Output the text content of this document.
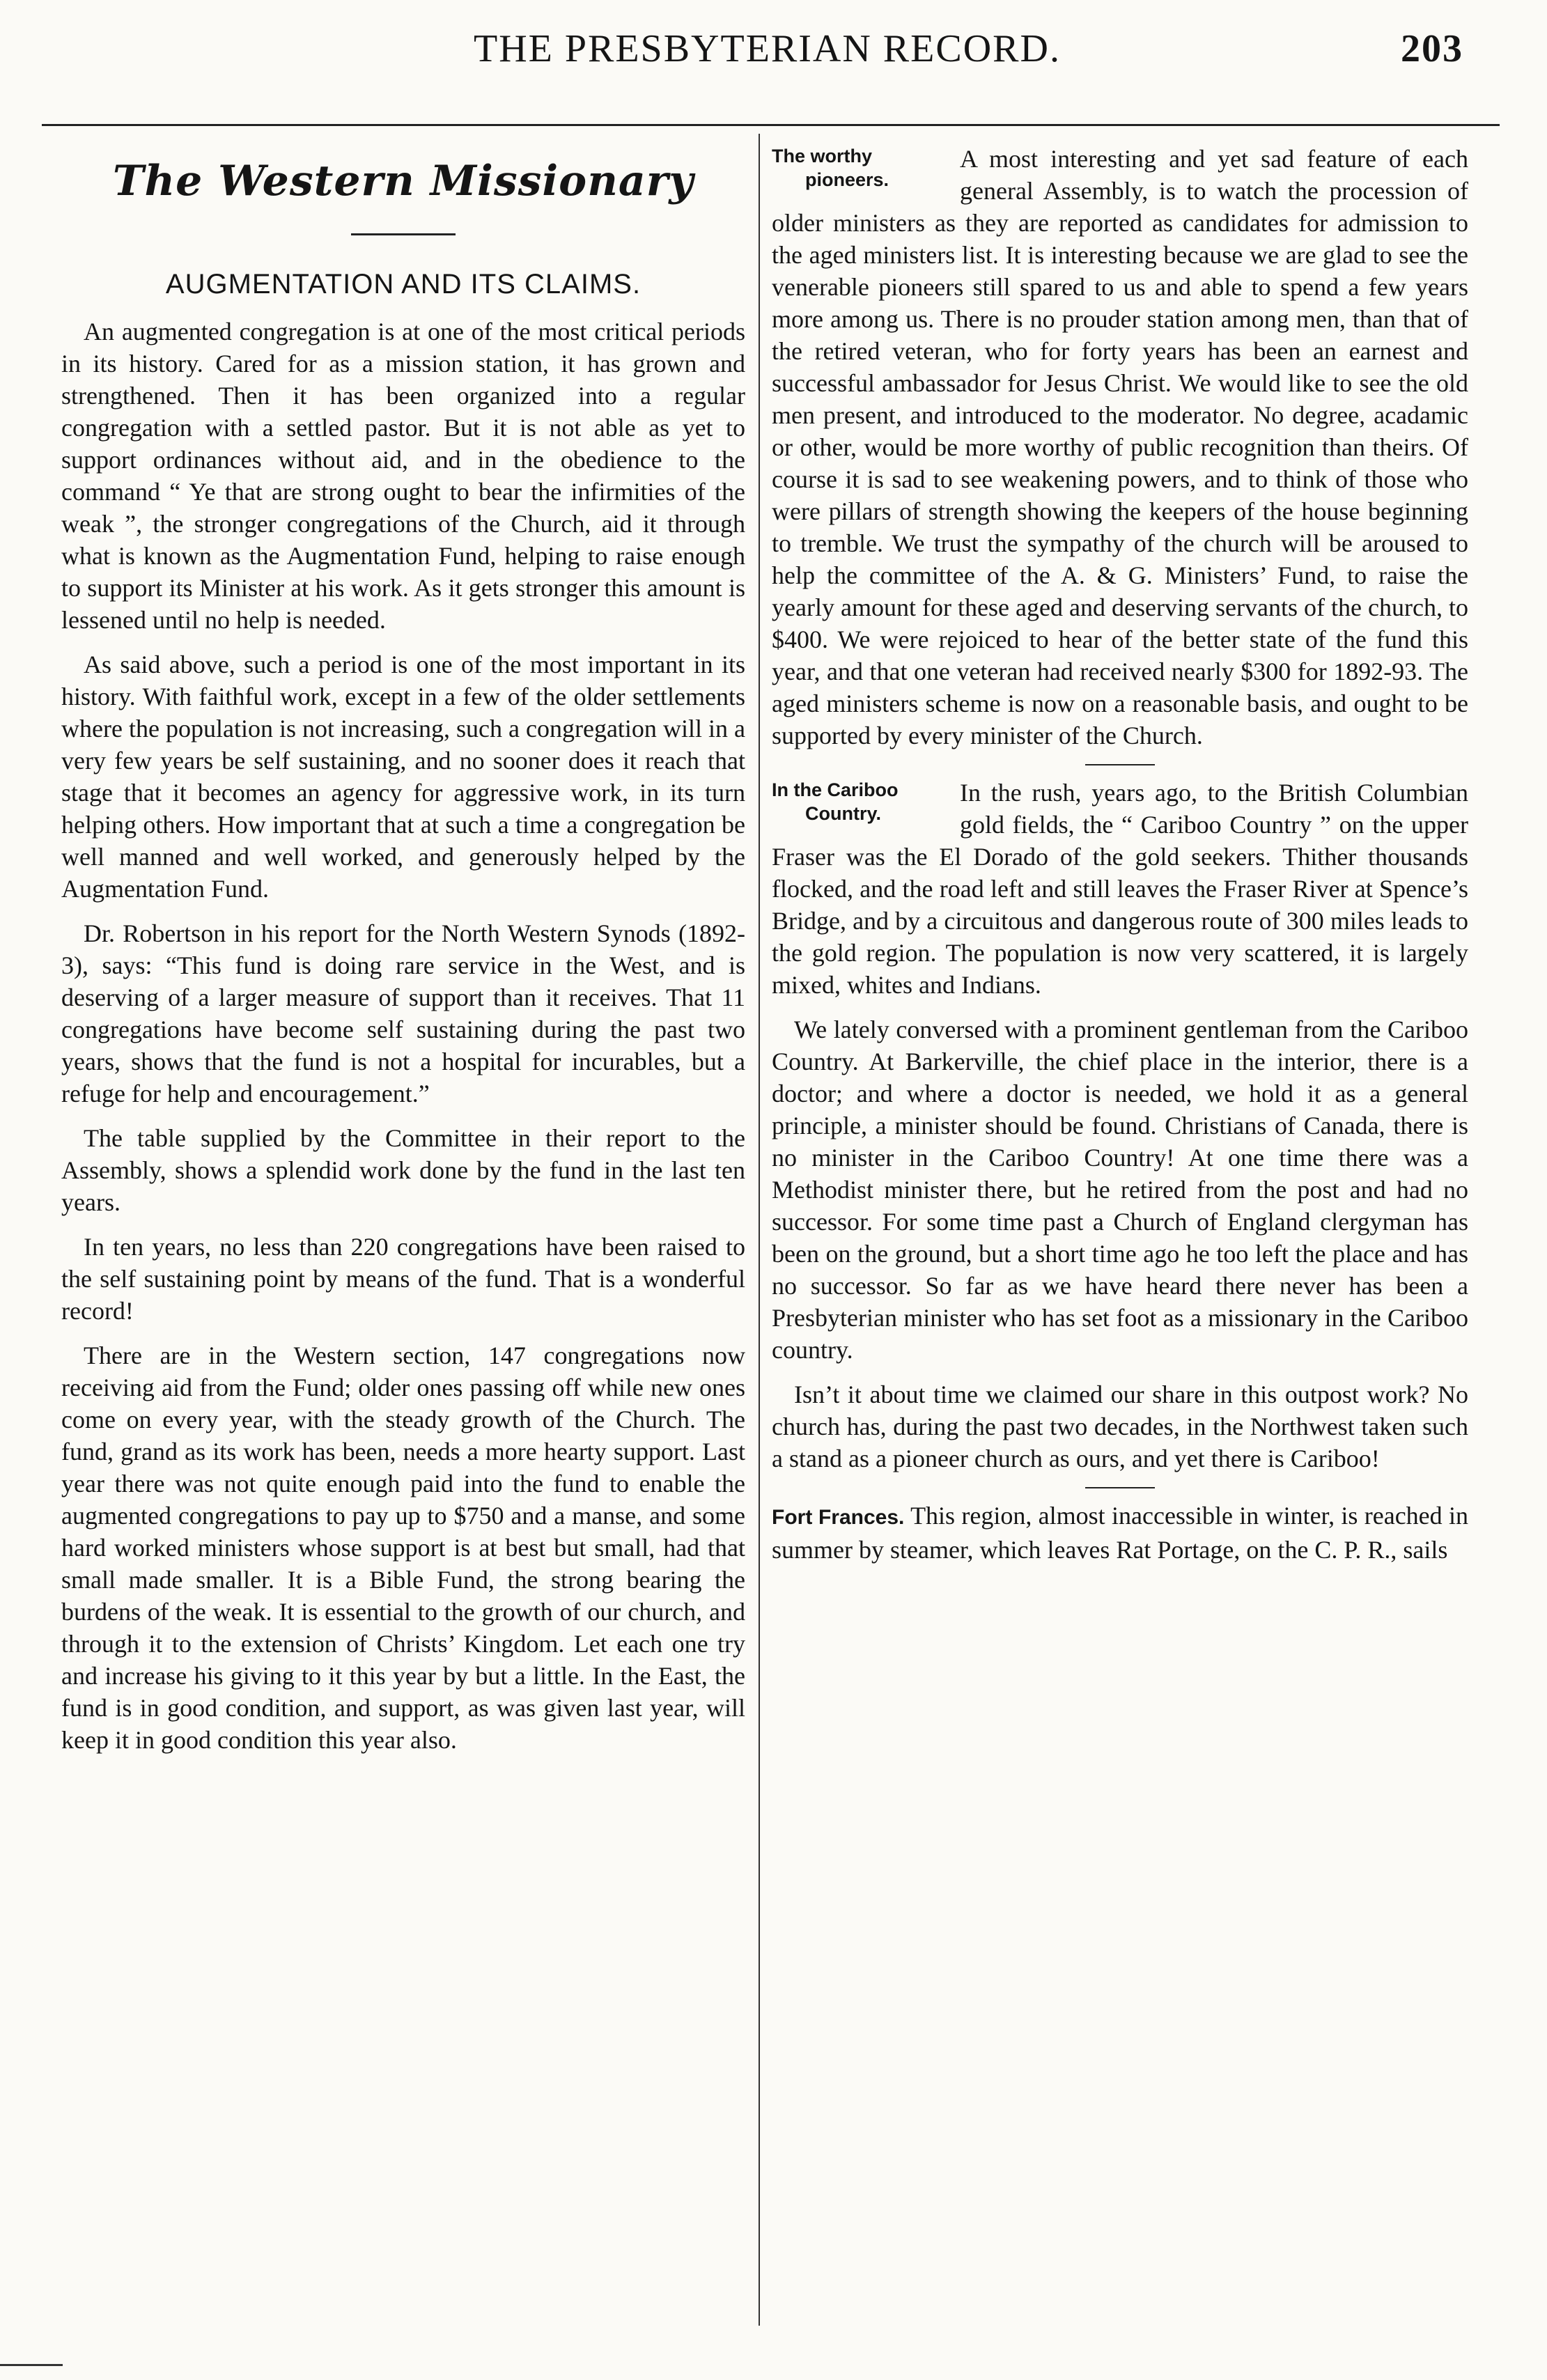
THE PRESBYTERIAN RECORD.	203
The Western Missionary
AUGMENTATION AND ITS CLAIMS.

An augmented congregation is at one of the most critical periods in its history. Cared for as a mission station, it has grown and strengthened. Then it has been organized into a regular congregation with a settled pastor. But it is not able as yet to support ordinances without aid, and in the obedience to the command “ Ye that are strong ought to bear the infirmities of the weak ”, the stronger congregations of the Church, aid it through what is known as the Augmentation Fund, helping to raise enough to support its Minister at his work. As it gets stronger this amount is lessened until no help is needed.

As said above, such a period is one of the most important in its history. With faithful work, except in a few of the older settlements where the population is not increasing, such a congregation will in a very few years be self sustaining, and no sooner does it reach that stage that it becomes an agency for aggressive work, in its turn helping others. How important that at such a time a congregation be well manned and well worked, and generously helped by the Augmentation Fund.

Dr. Robertson in his report for the North Western Synods (1892-3), says: “This fund is doing rare service in the West, and is deserving of a larger measure of support than it receives. That 11 congregations have become self sustaining during the past two years, shows that the fund is not a hospital for incurables, but a refuge for help and encouragement.”

The table supplied by the Committee in their report to the Assembly, shows a splendid work done by the fund in the last ten years.

In ten years, no less than 220 congregations have been raised to the self sustaining point by means of the fund. That is a wonderful record!

There are in the Western section, 147 congregations now receiving aid from the Fund; older ones passing off while new ones come on every year, with the steady growth of the Church. The fund, grand as its work has been, needs a more hearty support. Last year there was not quite enough paid into the fund to enable the augmented congregations to pay up to $750 and a manse, and some hard worked ministers whose support is at best but small, had that small made smaller. It is a Bible Fund, the strong bearing the burdens of the weak. It is essential to the growth of our church, and through it to the extension of Christs’ Kingdom. Let each one try and increase his giving to it this year by but a little. In the East, the fund is in good condition, and support, as was given last year, will keep it in good condition this year also.

The worthy
pioneers.
A most interesting and yet sad feature of each general Assembly, is to watch the procession of older ministers as they are reported as candidates for admission to the aged ministers list. It is interesting because we are glad to see the venerable pioneers still spared to us and able to spend a few years more among us. There is no prouder station among men, than that of the retired veteran, who for forty years has been an earnest and successful ambassador for Jesus Christ. We would like to see the old men present, and introduced to the moderator. No degree, acadamic or other, would be more worthy of public recognition than theirs. Of course it is sad to see weakening powers, and to think of those who were pillars of strength showing the keepers of the house beginning to tremble. We trust the sympathy of the church will be aroused to help the committee of the A. & G. Ministers’ Fund, to raise the yearly amount for these aged and deserving servants of the church, to $400. We were rejoiced to hear of the better state of the fund this year, and that one veteran had received nearly $300 for 1892-93. The aged ministers scheme is now on a reasonable basis, and ought to be supported by every minister of the Church.

In the Cariboo
Country.
In the rush, years ago, to the British Columbian gold fields, the “ Cariboo Country ” on the upper Fraser was the El Dorado of the gold seekers. Thither thousands flocked, and the road left and still leaves the Fraser River at Spence’s Bridge, and by a circuitous and dangerous route of 300 miles leads to the gold region. The population is now very scattered, it is largely mixed, whites and Indians.

We lately conversed with a prominent gentleman from the Cariboo Country. At Barkerville, the chief place in the interior, there is a doctor; and where a doctor is needed, we hold it as a general principle, a minister should be found. Christians of Canada, there is no minister in the Cariboo Country! At one time there was a Methodist minister there, but he retired from the post and had no successor. For some time past a Church of England clergyman has been on the ground, but a short time ago he too left the place and has no successor. So far as we have heard there never has been a Presbyterian minister who has set foot as a missionary in the Cariboo country.

Isn’t it about time we claimed our share in this outpost work? No church has, during the past two decades, in the Northwest taken such a stand as a pioneer church as ours, and yet there is Cariboo!

Fort Frances. This region, almost inaccessible in winter, is reached in summer by steamer, which leaves Rat Portage, on the C. P. R., sails
